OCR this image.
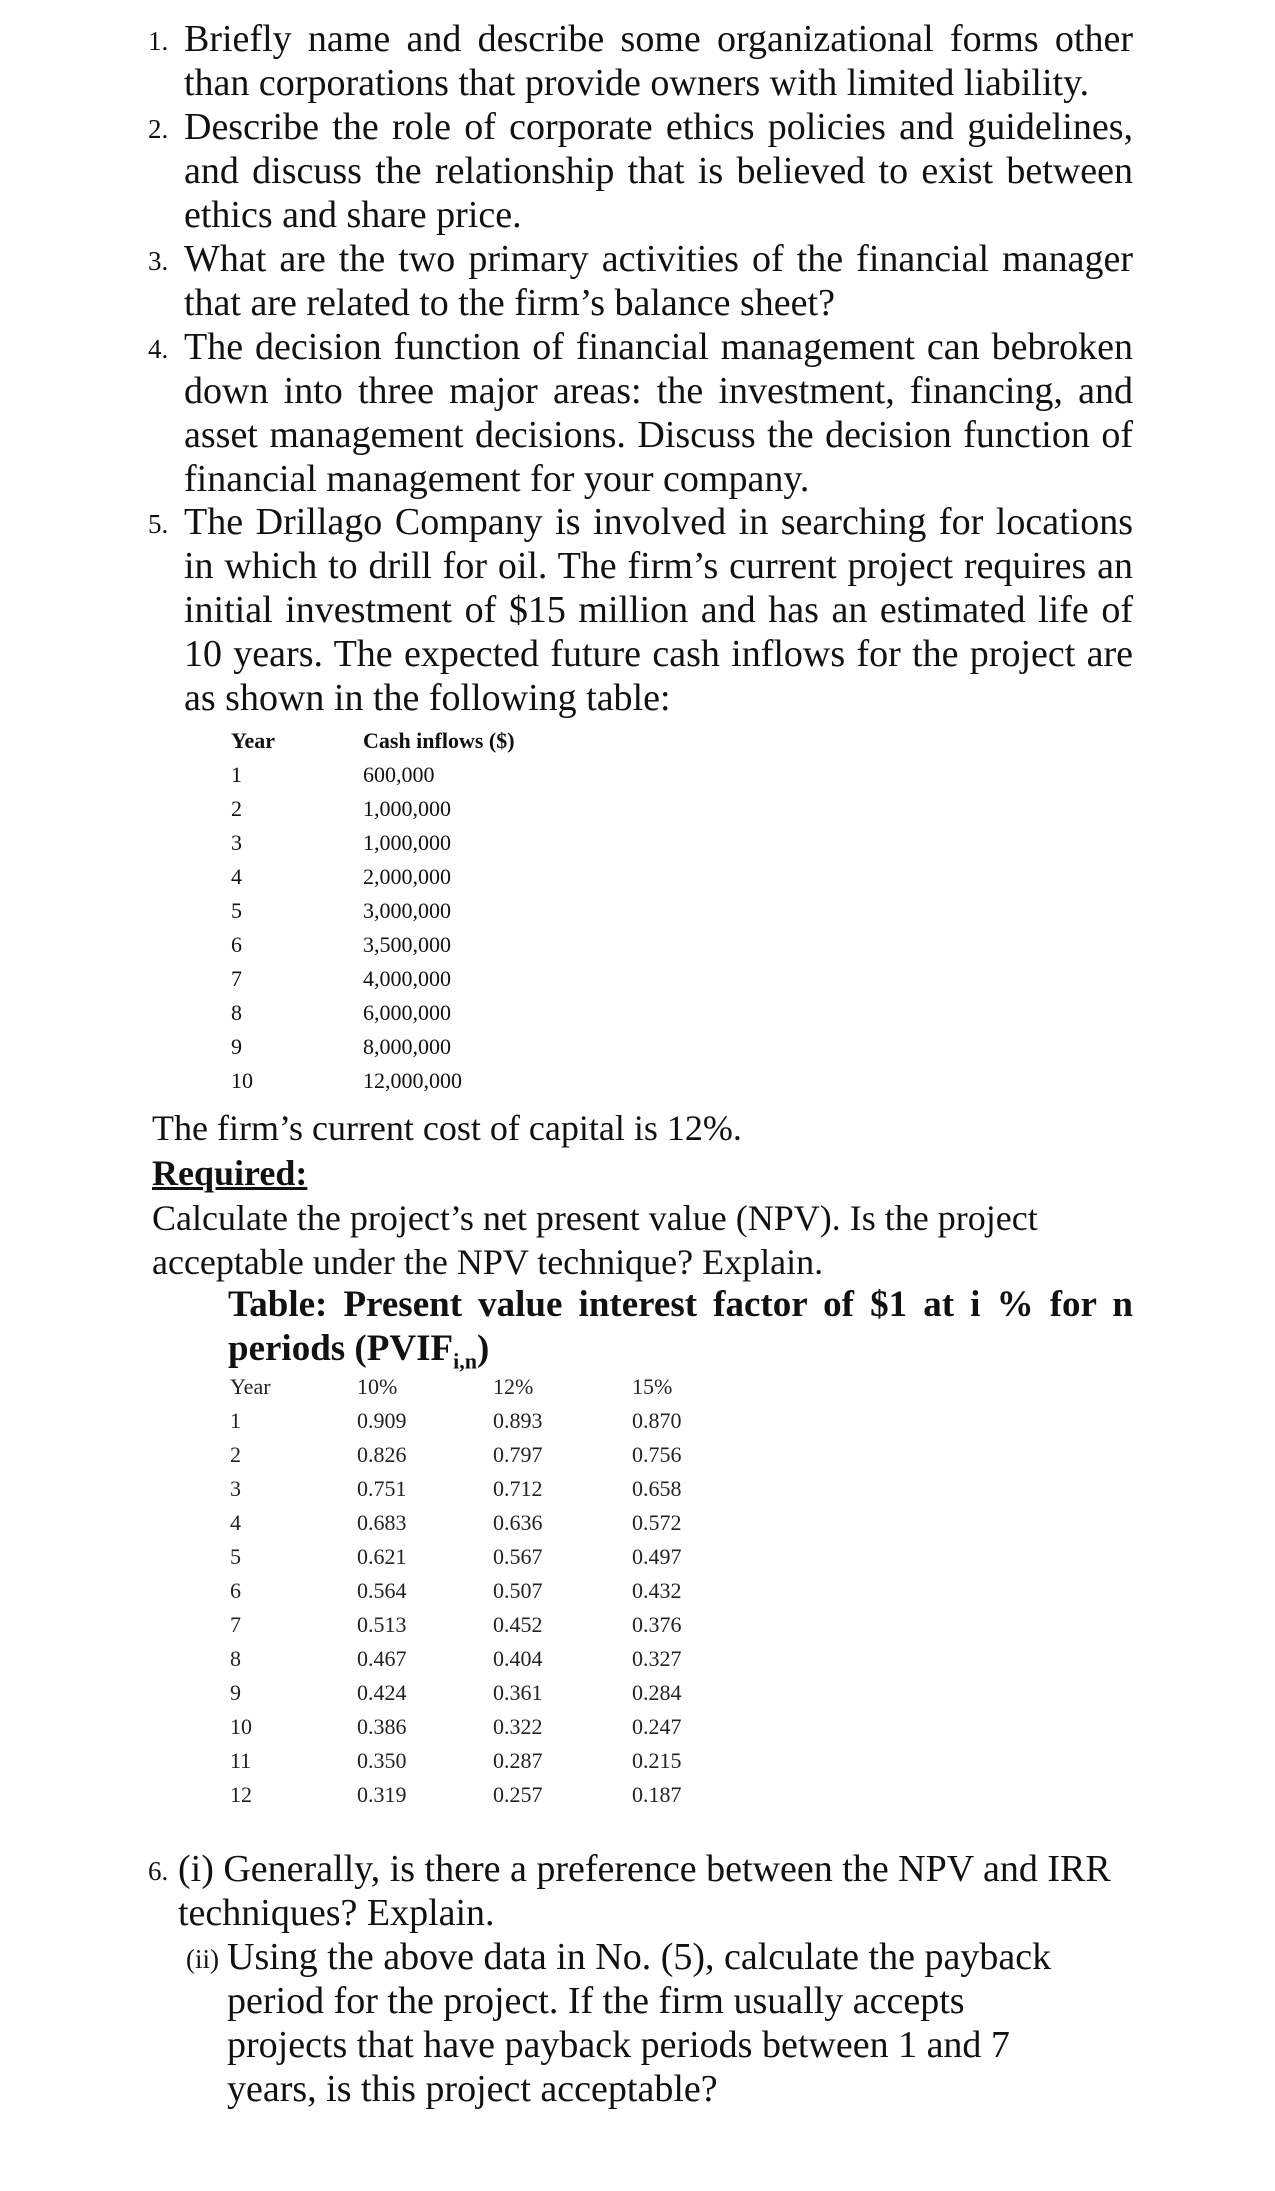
1. Briefly name and describe some organizational forms other than corporations that provide owners with limited liability.
2. Describe the role of corporate ethics policies and guidelines, and discuss the relationship that is believed to exist between ethics and share price.
3. What are the two primary activities of the financial manager that are related to the firm’s balance sheet?
4. The decision function of financial management can bebroken down into three major areas: the investment, financing, and asset management decisions. Discuss the decision function of financial management for your company.
5. The Drillago Company is involved in searching for locations in which to drill for oil. The firm’s current project requires an initial investment of $15 million and has an estimated life of 10 years. The expected future cash inflows for the project are as shown in the following table:
Year	Cash inflows ($)
1	600,000
2	1,000,000
3	1,000,000
4	2,000,000
5	3,000,000
6	3,500,000
7	4,000,000
8	6,000,000
9	8,000,000
10	12,000,000
The firm’s current cost of capital is 12%.
Required:
Calculate the project’s net present value (NPV). Is the project
acceptable under the NPV technique? Explain.
Table: Present value interest factor of $1 at i % for n
periods $(PVIF_{i,n})$
Year	10%	12%	15%
1	0.909	0.893	0.870
2	0.826	0.797	0.756
3	0.751	0.712	0.658
4	0.683	0.636	0.572
5	0.621	0.567	0.497
6	0.564	0.507	0.432
7	0.513	0.452	0.376
8	0.467	0.404	0.327
9	0.424	0.361	0.284
10	0.386	0.322	0.247
11	0.350	0.287	0.215
12	0.319	0.257	0.187
6. (i) Generally, is there a preference between the NPV and IRR techniques? Explain.
(ii) Using the above data in No. (5), calculate the payback period for the project. If the firm usually accepts projects that have payback periods between 1 and 7 years, is this project acceptable?
